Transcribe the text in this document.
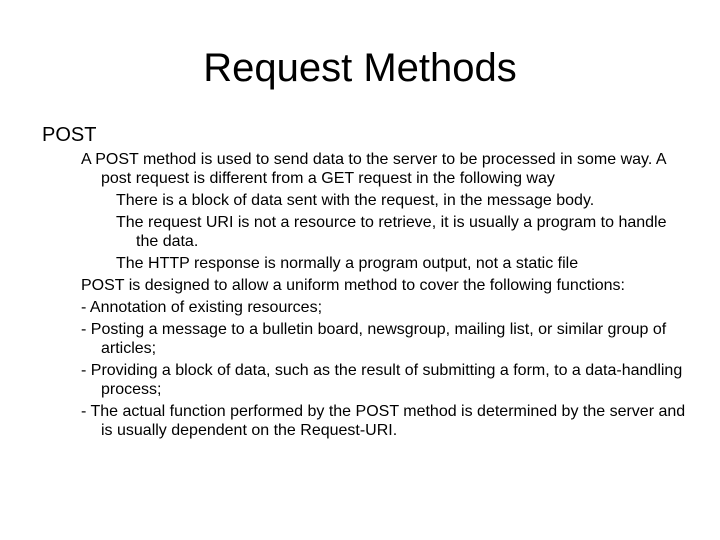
Request Methods
POST

A POST method is used to send data to the server to be processed in some way. A post request is different from a GET request in the following way

There is a block of data sent with the request, in the message body.

The request URI is not a resource to retrieve, it is usually a program to handle the data.

The HTTP response is normally a program output, not a static file

POST is designed to allow a uniform method to cover the following functions:

- Annotation of existing resources;

- Posting a message to a bulletin board, newsgroup, mailing list, or similar group of articles;

- Providing a block of data, such as the result of submitting a form, to a data-handling process;

- The actual function performed by the POST method is determined by the server and is usually dependent on the Request-URI.
